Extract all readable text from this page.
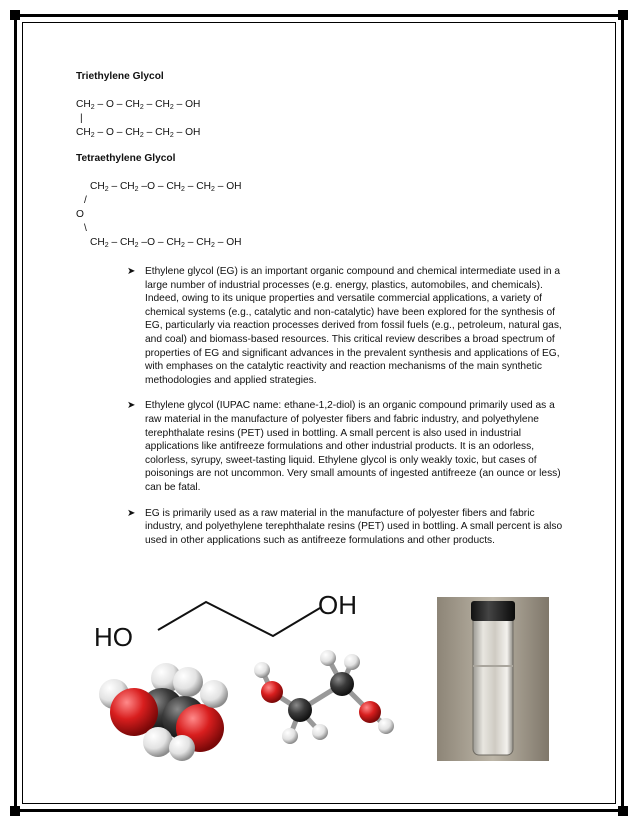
Triethylene Glycol
$CH_2$ – O – $CH_2 - CH_2$ – OH
|
$CH_2$ – O – $CH_2 - CH_2$ – OH
Tetraethylene Glycol
$CH_2 - CH_2$ $-O - CH_2 - CH_2$ – OH
/
O
\
$CH_2 - CH_2$ $-O - CH_2 - CH_2$ – OH
➤ Ethylene glycol (EG) is an important organic compound and chemical intermediate used in a large number of industrial processes (e.g. energy, plastics, automobiles, and chemicals). Indeed, owing to its unique properties and versatile commercial applications, a variety of chemical systems (e.g., catalytic and non-catalytic) have been explored for the synthesis of EG, particularly via reaction processes derived from fossil fuels (e.g., petroleum, natural gas, and coal) and biomass-based resources. This critical review describes a broad spectrum of properties of EG and significant advances in the prevalent synthesis and applications of EG, with emphases on the catalytic reactivity and reaction mechanisms of the main synthetic methodologies and applied strategies.
➤ Ethylene glycol (IUPAC name: ethane-1,2-diol) is an organic compound primarily used as a raw material in the manufacture of polyester fibers and fabric industry, and polyethylene terephthalate resins (PET) used in bottling. A small percent is also used in industrial applications like antifreeze formulations and other industrial products. It is an odorless, colorless, syrupy, sweet-tasting liquid. Ethylene glycol is only weakly toxic, but cases of poisonings are not uncommon. Very small amounts of ingested antifreeze (an ounce or less) can be fatal.
➤ EG is primarily used as a raw material in the manufacture of polyester fibers and fabric industry, and polyethylene terephthalate resins (PET) used in bottling. A small percent is also used in other applications such as antifreeze formulations and other products.
HO
OH
